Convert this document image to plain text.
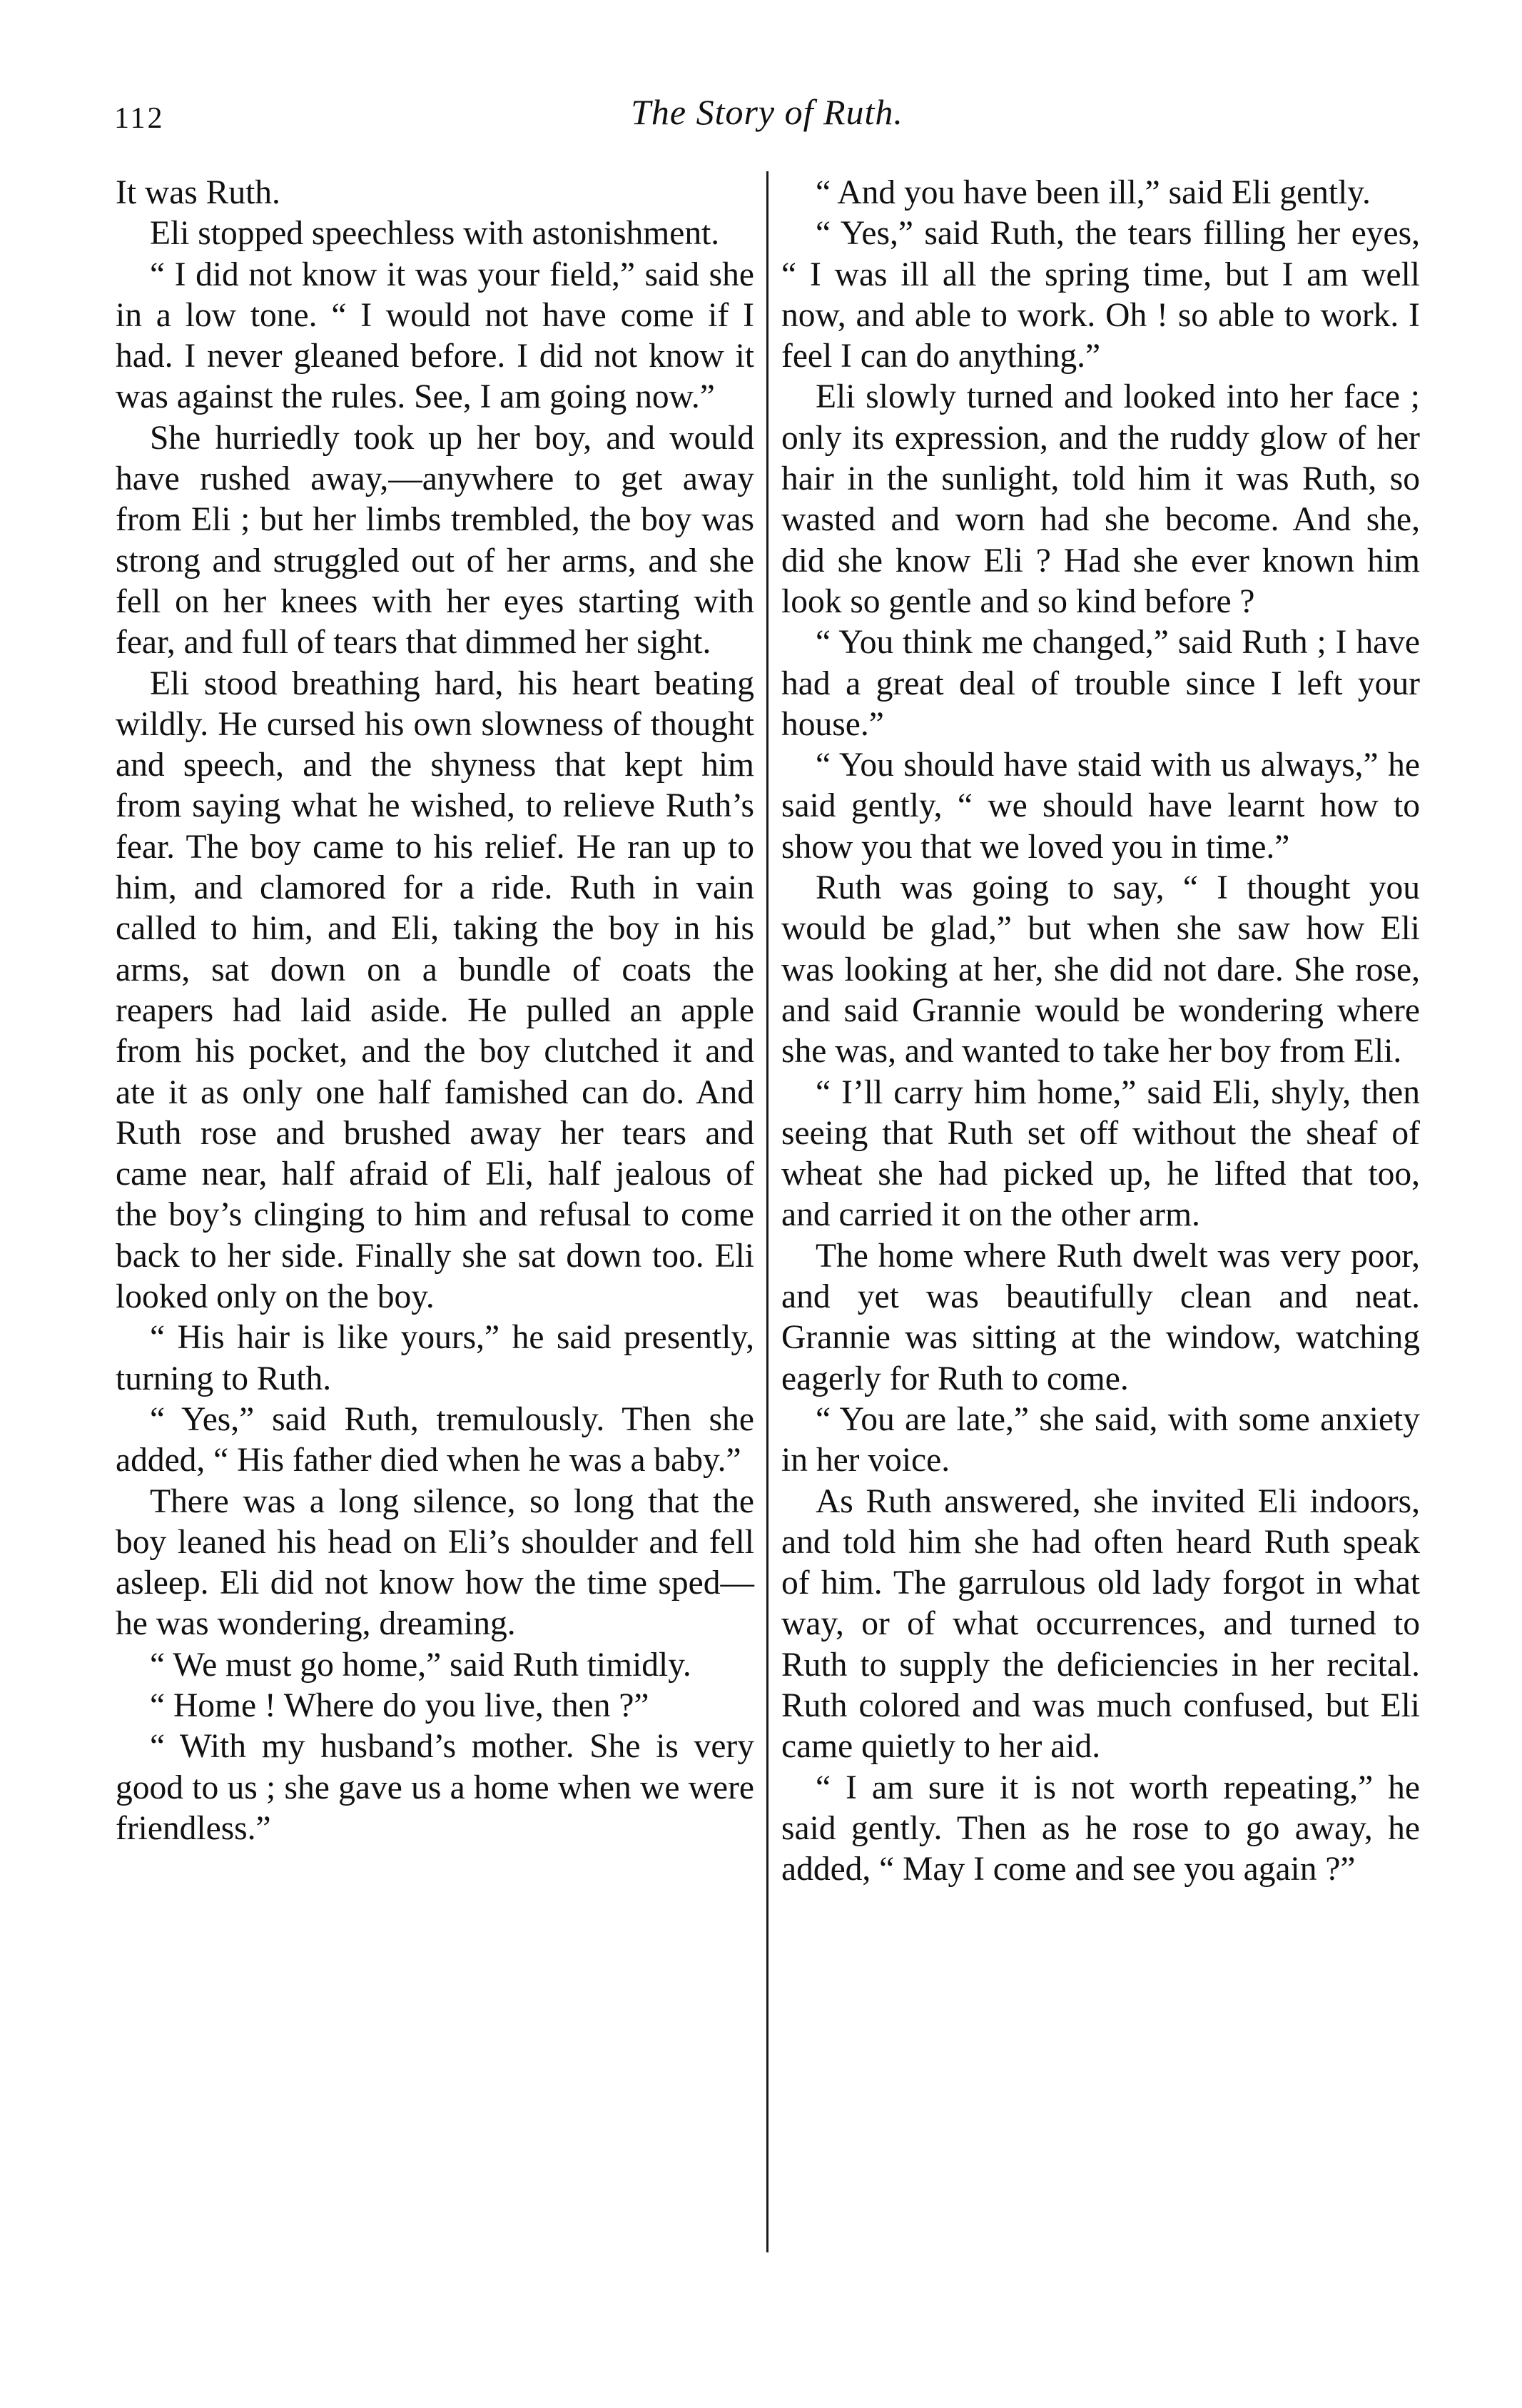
112	The Story of Ruth.

It was Ruth.

Eli stopped speechless with astonishment.

“ I did not know it was your field,” said she in a low tone. “ I would not have come if I had. I never gleaned before. I did not know it was against the rules. See, I am going now.”

She hurriedly took up her boy, and would have rushed away,—anywhere to get away from Eli ; but her limbs trembled, the boy was strong and struggled out of her arms, and she fell on her knees with her eyes starting with fear, and full of tears that dimmed her sight.

Eli stood breathing hard, his heart beating wildly. He cursed his own slowness of thought and speech, and the shyness that kept him from saying what he wished, to relieve Ruth’s fear. The boy came to his relief. He ran up to him, and clamored for a ride. Ruth in vain called to him, and Eli, taking the boy in his arms, sat down on a bundle of coats the reapers had laid aside. He pulled an apple from his pocket, and the boy clutched it and ate it as only one half famished can do. And Ruth rose and brushed away her tears and came near, half afraid of Eli, half jealous of the boy’s clinging to him and refusal to come back to her side. Finally she sat down too. Eli looked only on the boy.

“ His hair is like yours,” he said presently, turning to Ruth.

“ Yes,” said Ruth, tremulously. Then she added, “ His father died when he was a baby.”

There was a long silence, so long that the boy leaned his head on Eli’s shoulder and fell asleep. Eli did not know how the time sped—he was wondering, dreaming.

“ We must go home,” said Ruth timidly.

“ Home ! Where do you live, then ?”

“ With my husband’s mother. She is very good to us ; she gave us a home when we were friendless.”

“ And you have been ill,” said Eli gently.

“ Yes,” said Ruth, the tears filling her eyes, “ I was ill all the spring time, but I am well now, and able to work. Oh ! so able to work. I feel I can do anything.”

Eli slowly turned and looked into her face ; only its expression, and the ruddy glow of her hair in the sunlight, told him it was Ruth, so wasted and worn had she become. And she, did she know Eli ? Had she ever known him look so gentle and so kind before ?

“ You think me changed,” said Ruth ; I have had a great deal of trouble since I left your house.”

“ You should have staid with us always,” he said gently, “ we should have learnt how to show you that we loved you in time.”

Ruth was going to say, “ I thought you would be glad,” but when she saw how Eli was looking at her, she did not dare. She rose, and said Grannie would be wondering where she was, and wanted to take her boy from Eli.

“ I’ll carry him home,” said Eli, shyly, then seeing that Ruth set off without the sheaf of wheat she had picked up, he lifted that too, and carried it on the other arm.

The home where Ruth dwelt was very poor, and yet was beautifully clean and neat. Grannie was sitting at the window, watching eagerly for Ruth to come.

“ You are late,” she said, with some anxiety in her voice.

As Ruth answered, she invited Eli indoors, and told him she had often heard Ruth speak of him. The garrulous old lady forgot in what way, or of what occurrences, and turned to Ruth to supply the deficiencies in her recital. Ruth colored and was much confused, but Eli came quietly to her aid.

“ I am sure it is not worth repeating,” he said gently. Then as he rose to go away, he added, “ May I come and see you again ?”
